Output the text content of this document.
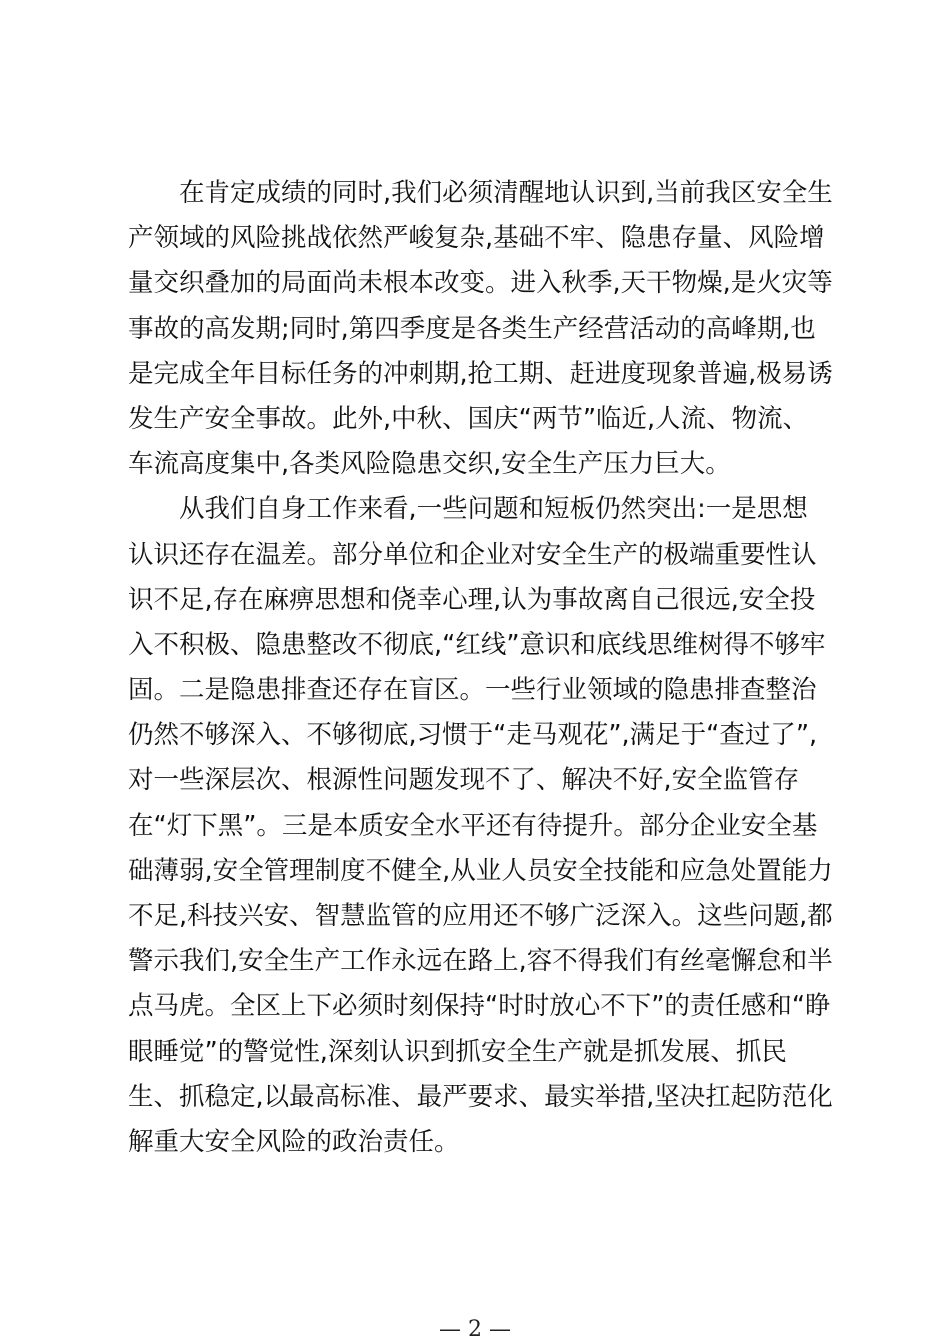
在肯定成绩的同时,我们必须清醒地认识到,当前我区安全生
产领域的风险挑战依然严峻复杂,基础不牢、隐患存量、风险增
量交织叠加的局面尚未根本改变。进入秋季,天干物燥,是火灾等
事故的高发期;同时,第四季度是各类生产经营活动的高峰期,也
是完成全年目标任务的冲刺期,抢工期、赶进度现象普遍,极易诱
发生产安全事故。此外,中秋、国庆“两节”临近,人流、物流、
车流高度集中,各类风险隐患交织,安全生产压力巨大。
从我们自身工作来看,一些问题和短板仍然突出:一是思想
认识还存在温差。部分单位和企业对安全生产的极端重要性认
识不足,存在麻痹思想和侥幸心理,认为事故离自己很远,安全投
入不积极、隐患整改不彻底,“红线”意识和底线思维树得不够牢
固。二是隐患排查还存在盲区。一些行业领域的隐患排查整治
仍然不够深入、不够彻底,习惯于“走马观花”,满足于“查过了”,
对一些深层次、根源性问题发现不了、解决不好,安全监管存
在“灯下黑”。三是本质安全水平还有待提升。部分企业安全基
础薄弱,安全管理制度不健全,从业人员安全技能和应急处置能力
不足,科技兴安、智慧监管的应用还不够广泛深入。这些问题,都
警示我们,安全生产工作永远在路上,容不得我们有丝毫懈怠和半
点马虎。全区上下必须时刻保持“时时放心不下”的责任感和“睁
眼睡觉”的警觉性,深刻认识到抓安全生产就是抓发展、抓民
生、抓稳定,以最高标准、最严要求、最实举措,坚决扛起防范化
解重大安全风险的政治责任。
— 2 —
